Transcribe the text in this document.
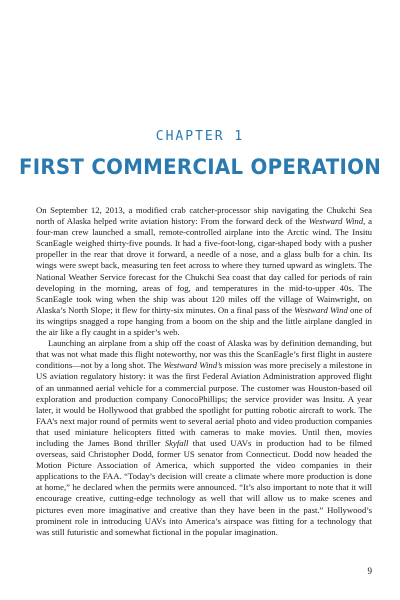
CHAPTER 1
FIRST COMMERCIAL OPERATION

On September 12, 2013, a modified crab catcher-processor ship navigating the Chukchi Sea north of Alaska helped write aviation history: From the forward deck of the Westward Wind, a four-man crew launched a small, remote-controlled airplane into the Arctic wind. The Insitu ScanEagle weighed thirty-five pounds. It had a five-foot-long, cigar-shaped body with a pusher propeller in the rear that drove it forward, a needle of a nose, and a glass bulb for a chin. Its wings were swept back, measuring ten feet across to where they turned upward as winglets. The National Weather Service forecast for the Chukchi Sea coast that day called for periods of rain developing in the morning, areas of fog, and temperatures in the mid-to-upper 40s. The ScanEagle took wing when the ship was about 120 miles off the village of Wainwright, on Alaska’s North Slope; it flew for thirty-six minutes. On a final pass of the Westward Wind one of its wingtips snagged a rope hanging from a boom on the ship and the little airplane dangled in the air like a fly caught in a spider’s web.

Launching an airplane from a ship off the coast of Alaska was by definition demanding, but that was not what made this flight noteworthy, nor was this the ScanEagle’s first flight in austere conditions—not by a long shot. The Westward Wind’s mission was more precisely a milestone in US aviation regulatory history: it was the first Federal Aviation Administration approved flight of an unmanned aerial vehicle for a commercial purpose. The customer was Houston-based oil exploration and production company ConocoPhillips; the service provider was Insitu. A year later, it would be Hollywood that grabbed the spotlight for putting robotic aircraft to work. The FAA’s next major round of permits went to several aerial photo and video production companies that used miniature helicopters fitted with cameras to make movies. Until then, movies including the James Bond thriller Skyfall that used UAVs in production had to be filmed overseas, said Christopher Dodd, former US senator from Connecticut. Dodd now headed the Motion Picture Association of America, which supported the video companies in their applications to the FAA. “Today’s decision will create a climate where more production is done at home,” he declared when the permits were announced. “It’s also important to note that it will encourage creative, cutting-edge technology as well that will allow us to make scenes and pictures even more imaginative and creative than they have been in the past.” Hollywood’s prominent role in introducing UAVs into America’s airspace was fitting for a technology that was still futuristic and somewhat fictional in the popular imagination.

9
